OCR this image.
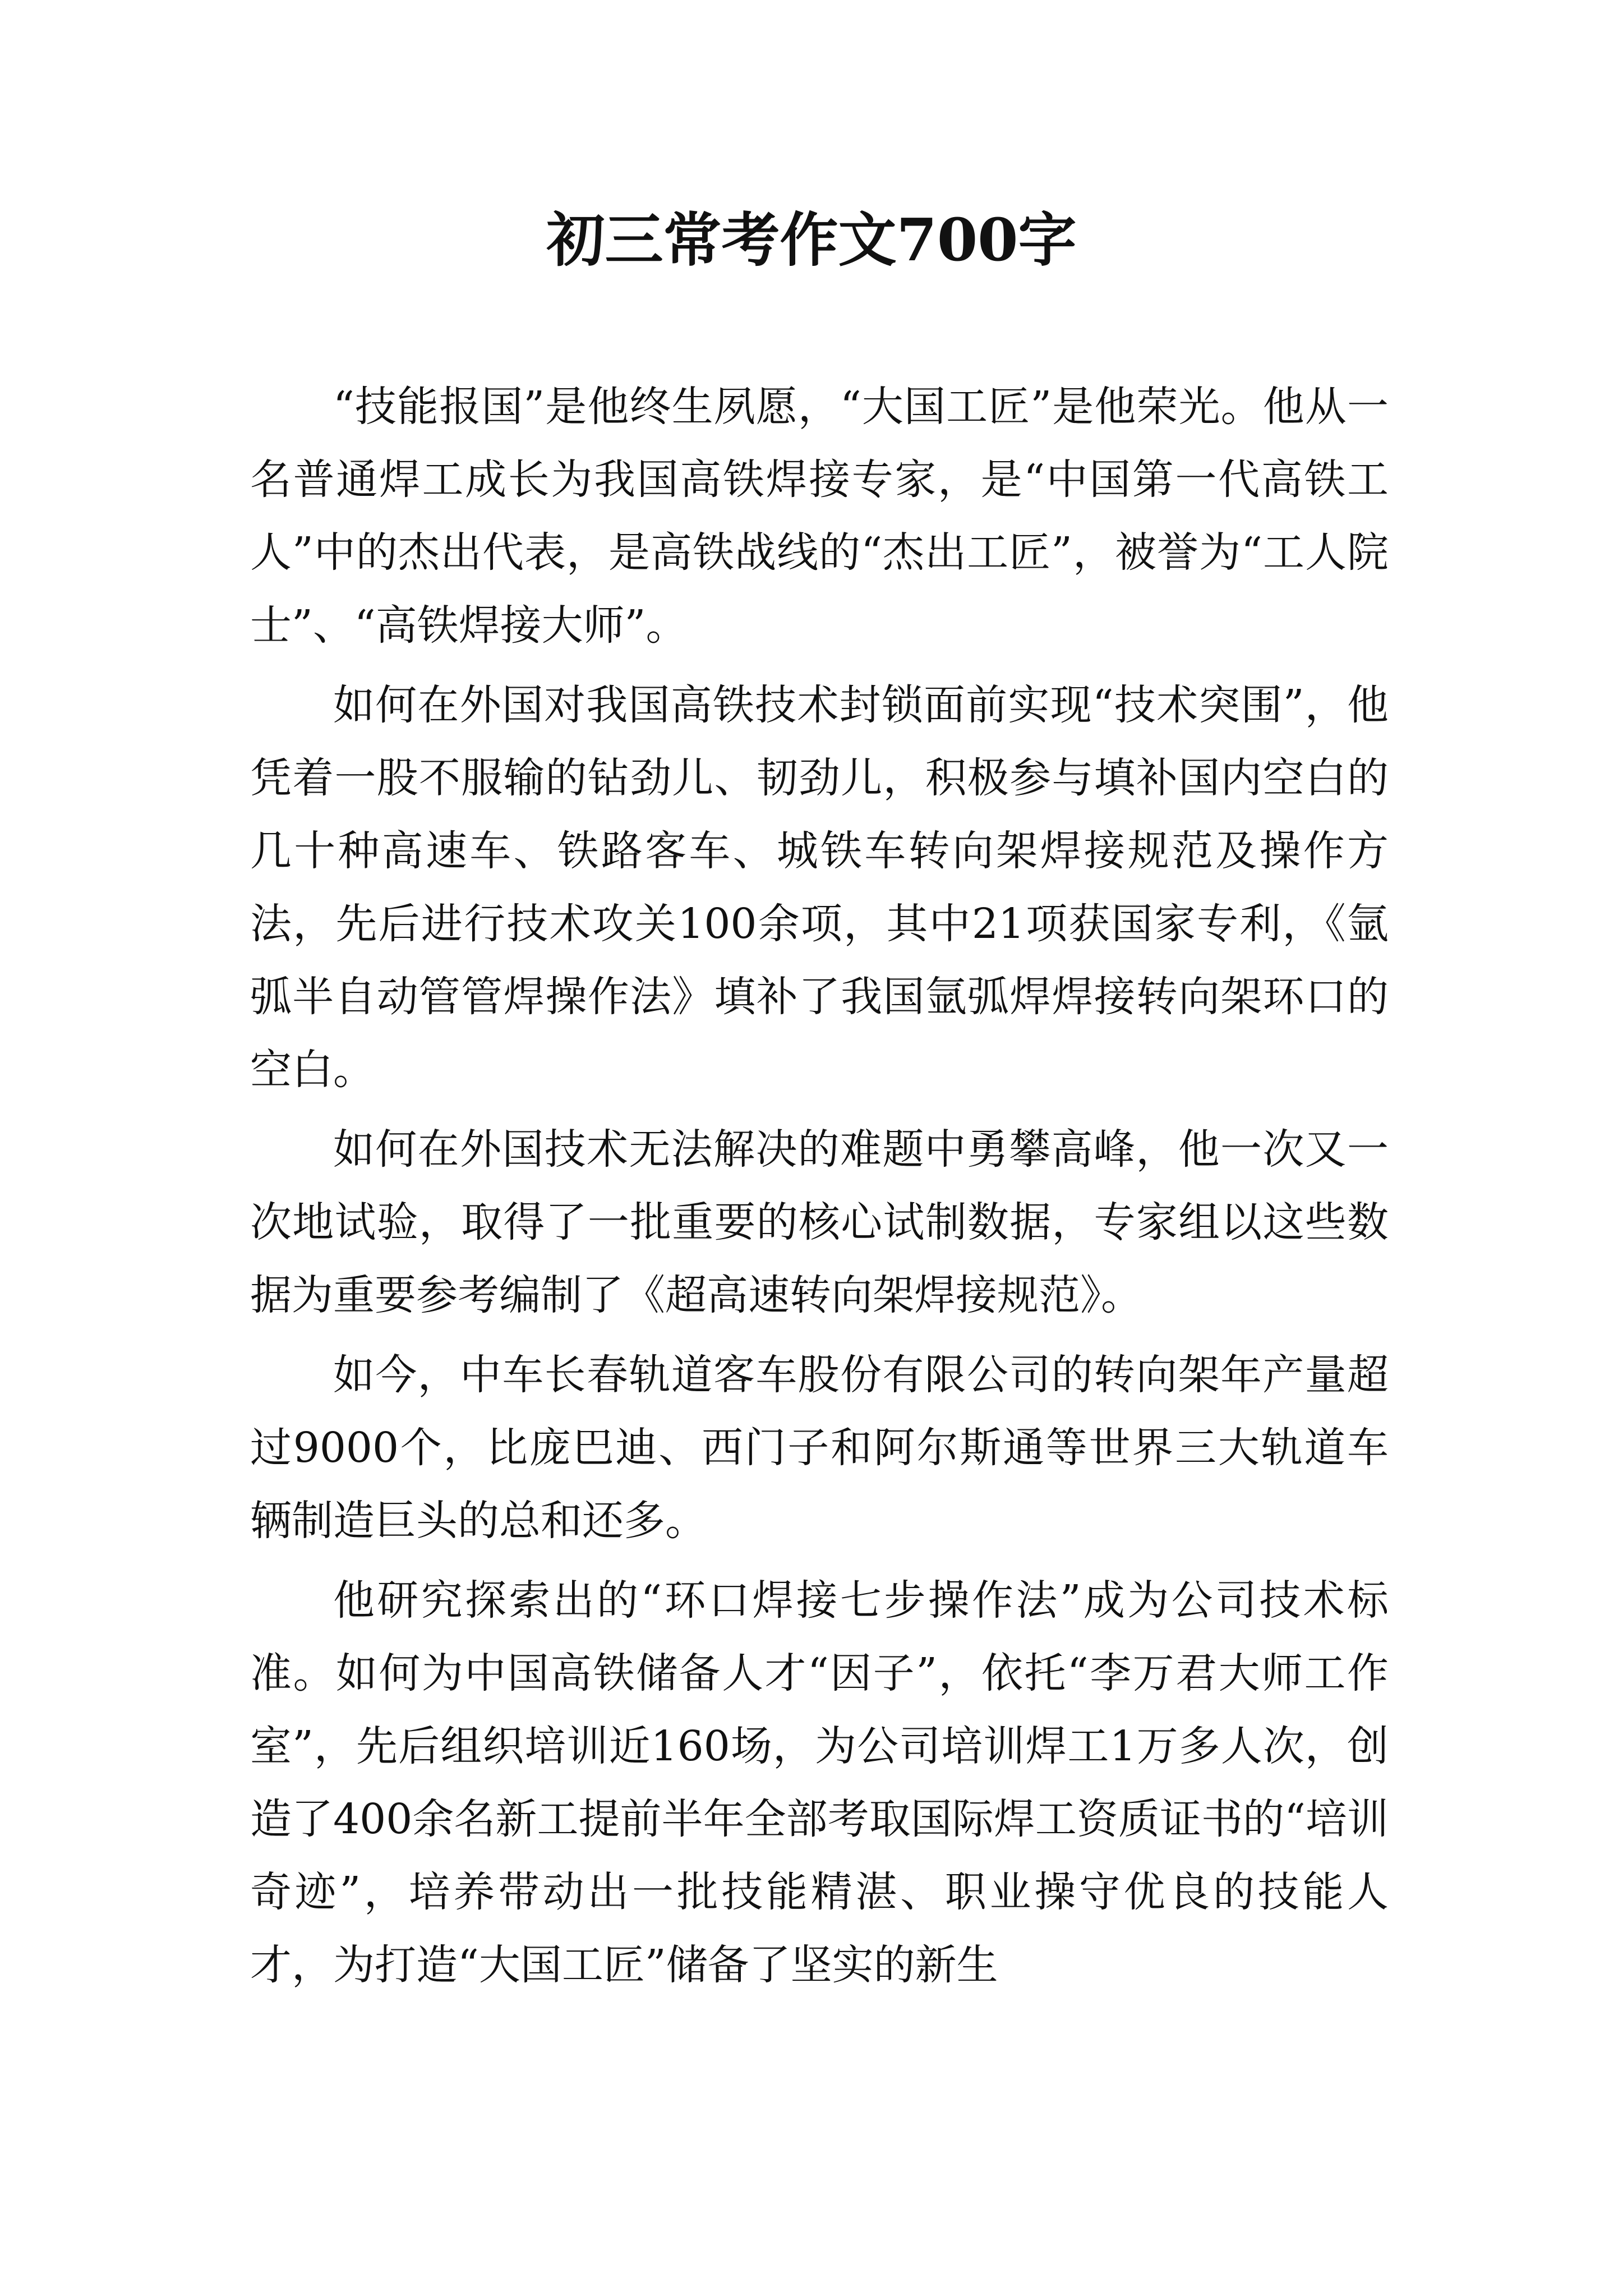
初三常考作文700字

“技能报国”是他终生夙愿，“大国工匠”是他荣光。他从一名普通焊工成长为我国高铁焊接专家，是“中国第一代高铁工人”中的杰出代表，是高铁战线的“杰出工匠”，被誉为“工人院士”、“高铁焊接大师”。

如何在外国对我国高铁技术封锁面前实现“技术突围”，他凭着一股不服输的钻劲儿、韧劲儿，积极参与填补国内空白的几十种高速车、铁路客车、城铁车转向架焊接规范及操作方法，先后进行技术攻关100余项，其中21项获国家专利，《氩弧半自动管管焊操作法》填补了我国氩弧焊焊接转向架环口的空白。

如何在外国技术无法解决的难题中勇攀高峰，他一次又一次地试验，取得了一批重要的核心试制数据，专家组以这些数据为重要参考编制了《超高速转向架焊接规范》。

如今，中车长春轨道客车股份有限公司的转向架年产量超过9000个，比庞巴迪、西门子和阿尔斯通等世界三大轨道车辆制造巨头的总和还多。

他研究探索出的“环口焊接七步操作法”成为公司技术标准。如何为中国高铁储备人才“因子”，依托“李万君大师工作室”，先后组织培训近160场，为公司培训焊工1万多人次，创造了400余名新工提前半年全部考取国际焊工资质证书的“培训奇迹”，培养带动出一批技能精湛、职业操守优良的技能人才，为打造“大国工匠”储备了坚实的新生
